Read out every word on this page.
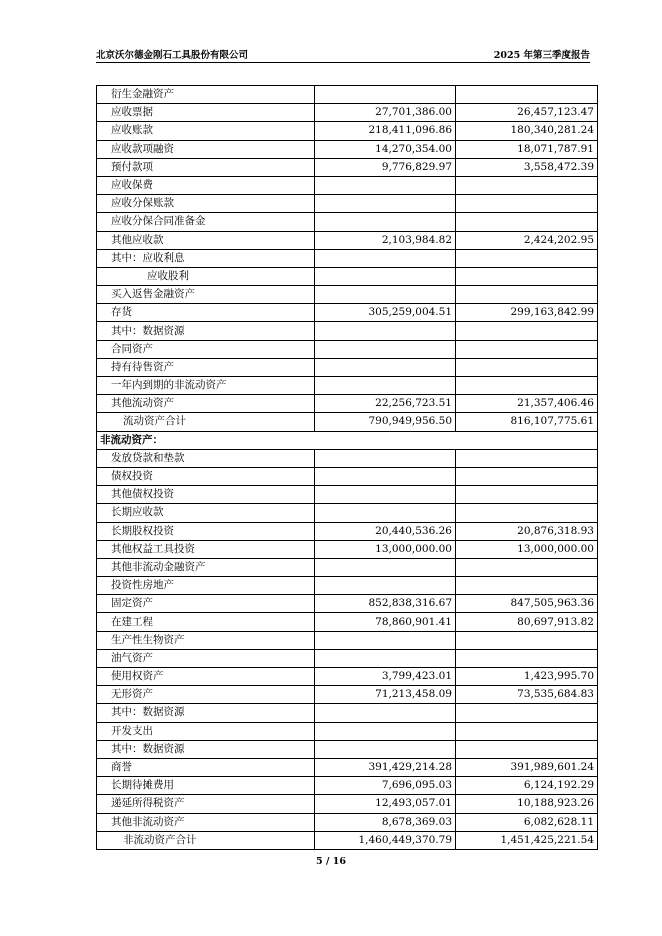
北京沃尔德金刚石工具股份有限公司	2025 年第三季度报告
衍生金融资产		
应收票据	27,701,386.00	26,457,123.47
应收账款	218,411,096.86	180,340,281.24
应收款项融资	14,270,354.00	18,071,787.91
预付款项	9,776,829.97	3,558,472.39
应收保费		
应收分保账款		
应收分保合同准备金		
其他应收款	2,103,984.82	2,424,202.95
其中：应收利息		
应收股利		
买入返售金融资产		
存货	305,259,004.51	299,163,842.99
其中：数据资源		
合同资产		
持有待售资产		
一年内到期的非流动资产		
其他流动资产	22,256,723.51	21,357,406.46
流动资产合计	790,949,956.50	816,107,775.61
非流动资产：		
发放贷款和垫款		
债权投资		
其他债权投资		
长期应收款		
长期股权投资	20,440,536.26	20,876,318.93
其他权益工具投资	13,000,000.00	13,000,000.00
其他非流动金融资产		
投资性房地产		
固定资产	852,838,316.67	847,505,963.36
在建工程	78,860,901.41	80,697,913.82
生产性生物资产		
油气资产		
使用权资产	3,799,423.01	1,423,995.70
无形资产	71,213,458.09	73,535,684.83
其中：数据资源		
开发支出		
其中：数据资源		
商誉	391,429,214.28	391,989,601.24
长期待摊费用	7,696,095.03	6,124,192.29
递延所得税资产	12,493,057.01	10,188,923.26
其他非流动资产	8,678,369.03	6,082,628.11
非流动资产合计	1,460,449,370.79	1,451,425,221.54
5 / 16
